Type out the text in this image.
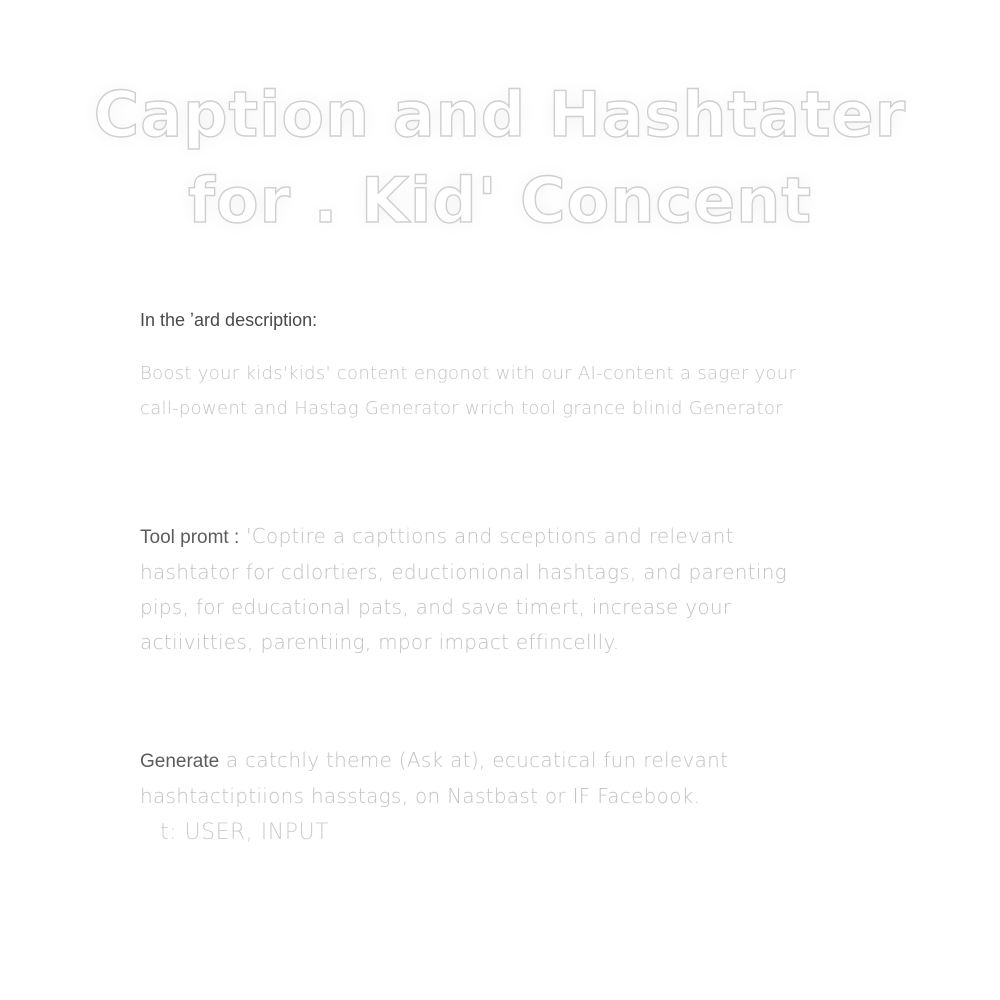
Caption and Hashtater
for . Kid' Concent
In the ʼard description:
Boost your kids'kids' content engonot with our AI-content a sager your
call-powent and Hastag Generator wrich tool grance blinid Generator
Tool promt : 'Coptire a capttions and sceptions and relevant
hashtator for cdlortiers, eductionional hashtags, and parenting
pips, for educational pats, and save timert, increase your
actiivitties, parentiing, mpor impact effincellly.
Generate a catchly theme (Ask at), ecucatical fun relevant
hashtactiptiions hasstags, on Nastbast or IF Facebook.
t: USER, INPUT
